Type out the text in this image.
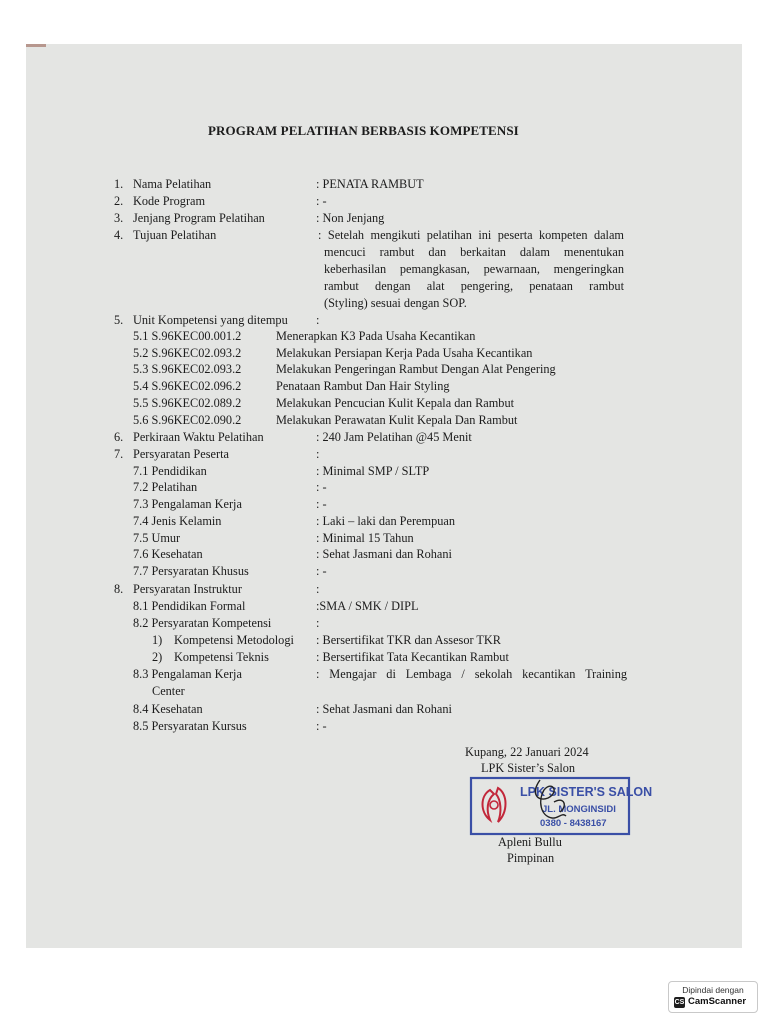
PROGRAM PELATIHAN BERBASIS KOMPETENSI
1. Nama Pelatihan	: PENATA RAMBUT
2. Kode Program	: -
3. Jenjang Program Pelatihan	: Non Jenjang
4. Tujuan Pelatihan	: Setelah mengikuti pelatihan ini peserta kompeten dalam
mencuci rambut dan berkaitan dalam menentukan
keberhasilan pemangkasan, pewarnaan, mengeringkan
rambut dengan alat pengering, penataan rambut
(Styling) sesuai dengan SOP.
5. Unit Kompetensi yang ditempu :
5.1 S.96KEC00.001.2	Menerapkan K3 Pada Usaha Kecantikan
5.2 S.96KEC02.093.2	Melakukan Persiapan Kerja Pada Usaha Kecantikan
5.3 S.96KEC02.093.2	Melakukan Pengeringan Rambut Dengan Alat Pengering
5.4 S.96KEC02.096.2	Penataan Rambut Dan Hair Styling
5.5 S.96KEC02.089.2	Melakukan Pencucian Kulit Kepala dan Rambut
5.6 S.96KEC02.090.2	Melakukan Perawatan Kulit Kepala Dan Rambut
6. Perkiraan Waktu Pelatihan	: 240 Jam Pelatihan @45 Menit
7. Persyaratan Peserta	:
7.1 Pendidikan	: Minimal SMP / SLTP
7.2 Pelatihan	: -
7.3 Pengalaman Kerja	: -
7.4 Jenis Kelamin	: Laki – laki dan Perempuan
7.5 Umur	: Minimal 15 Tahun
7.6 Kesehatan	: Sehat Jasmani dan Rohani
7.7 Persyaratan Khusus	: -
8. Persyaratan Instruktur	:
8.1 Pendidikan Formal	:SMA / SMK / DIPL
8.2 Persyaratan Kompetensi	:
1) Kompetensi Metodologi : Bersertifikat TKR dan Assesor TKR
2) Kompetensi Teknis	: Bersertifikat Tata Kecantikan Rambut
8.3 Pengalaman Kerja	: Mengajar di Lembaga / sekolah kecantikan Training
Center
8.4 Kesehatan	: Sehat Jasmani dan Rohani
8.5 Persyaratan Kursus	: -
Kupang, 22 Januari 2024
LPK Sister’s Salon
LPK SISTER'S SALON
JL. MONGINSIDI
0380 - 8438167
Apleni Bullu
Pimpinan
Dipindai dengan
CS CamScanner
